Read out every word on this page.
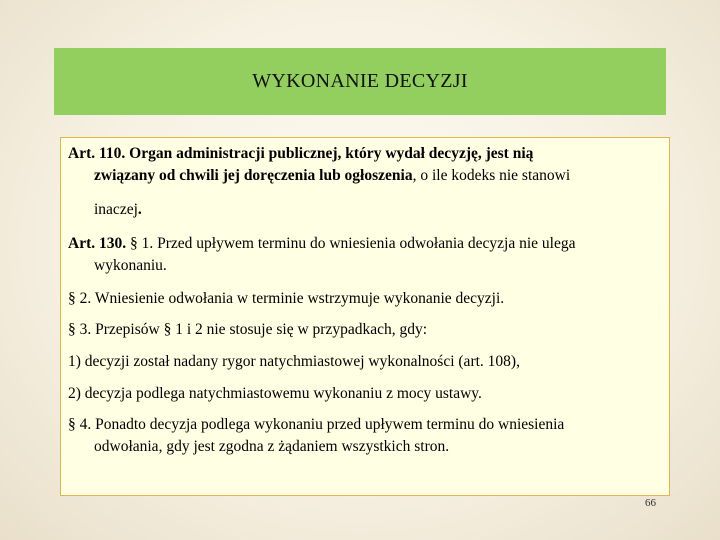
WYKONANIE DECYZJI
Art. 110. Organ administracji publicznej, który wydał decyzję, jest nią
związany od chwili jej doręczenia lub ogłoszenia, o ile kodeks nie stanowi
inaczej.
Art. 130. § 1. Przed upływem terminu do wniesienia odwołania decyzja nie ulega
wykonaniu.
§ 2. Wniesienie odwołania w terminie wstrzymuje wykonanie decyzji.
§ 3. Przepisów § 1 i 2 nie stosuje się w przypadkach, gdy:
1) decyzji został nadany rygor natychmiastowej wykonalności (art. 108),
2) decyzja podlega natychmiastowemu wykonaniu z mocy ustawy.
§ 4. Ponadto decyzja podlega wykonaniu przed upływem terminu do wniesienia
odwołania, gdy jest zgodna z żądaniem wszystkich stron.
66
